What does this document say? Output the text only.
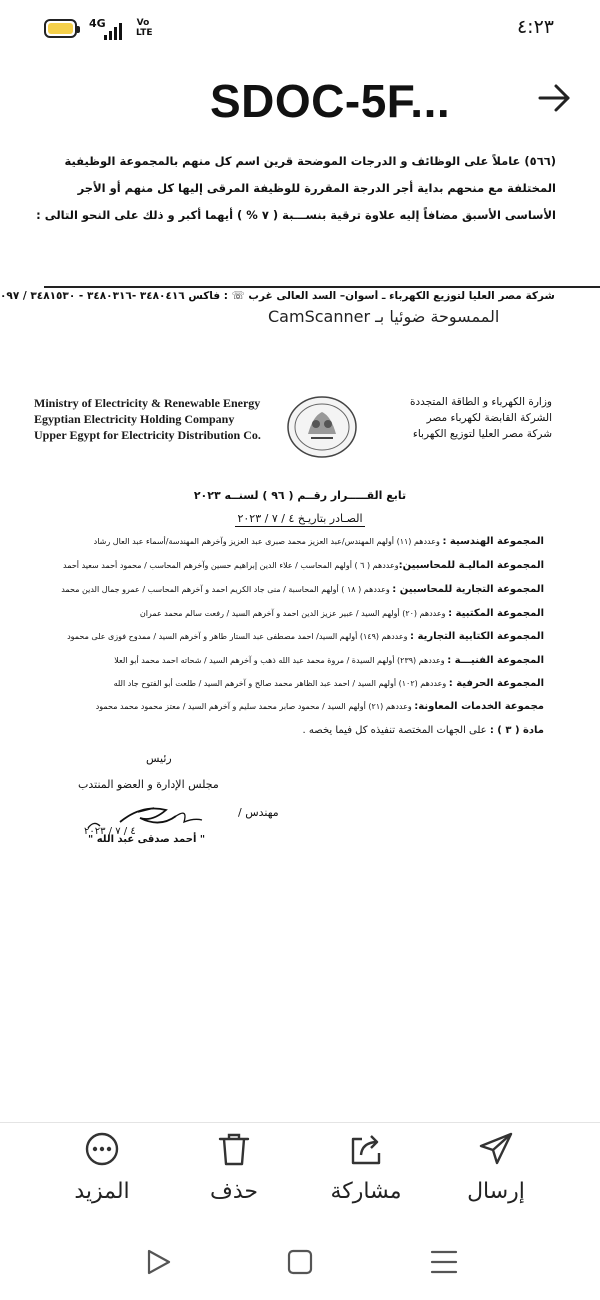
4G	Vo LTE	٤:٢٣
SDOC-5F...
(٥٦٦) عاملاً على الوظائف و الدرجات الموضحة قرين اسم كل منهم بالمجموعة الوظيفية المختلفة مع منحهم بداية أجر الدرجة المقررة للوظيفة المرقى إليها كل منهم أو الأجر الأساسى الأسبق مضافاً إليه علاوة ترقية بنســـبة ( ٧ % ) أيهما أكبر و ذلك على النحو التالى :
شركة مصر العليا لتوزيع الكهرباء ـ أسوان– السد العالى غرب ☏ : فاكس ٣٤٨٠٤١٦ -٣٤٨٠٣١٦ - ٣٤٨١٥٣٠ / ٠٩٧
الممسوحة ضوئيا بـ CamScanner
Ministry of Electricity & Renewable Energy
Egyptian Electricity Holding Company
Upper Egypt for Electricity Distribution Co.
وزارة الكهرباء و الطاقة المتجددة
الشركة القابضة لكهرباء مصر
شركة مصر العليا لتوزيع الكهرباء
تابع القـــــرار رقــم ( ٩٦ ) لسنــه ٢٠٢٣
الصـادر بتاريـخ ٤ / ٧ / ٢٠٢٣
المجموعة الهندسية : وعددهم (١١) أولهم المهندس/عبد العزيز محمد صبرى عبد العزيز وآخرهم المهندسة/أسماء عبد العال رشاد
المجموعة الماليـة للمحاسبين:وعددهم ( ٦ ) أولهم المحاسب / علاء الدين إبراهيم حسين وآخرهم المحاسب / محمود أحمد سعيد أحمد
المجموعة التجارية للمحاسبين : وعددهم ( ١٨ ) أولهم المحاسبة / منى جاد الكريم احمد و آخرهم المحاسب / عمرو جمال الدين محمد
المجموعة المكتبية : وعددهم (٢٠) أولهم السيد / عبير عزيز الدين احمد و آخرهم السيد / رفعت سالم محمد عمران
المجموعة الكتابية التجارية : وعددهم (١٤٩) أولهم السيد/ احمد مصطفى عبد الستار طاهر و آخرهم السيد / ممدوح فوزى على محمود
المجموعة الفنيـــة : وعددهم (٢٣٩) أولهم السيدة / مروة محمد عبد الله ذهب و آخرهم السيد / شحاته احمد محمد أبو العلا
المجموعة الحرفية : وعددهم (١٠٢) أولهم السيد / احمد عبد الظاهر محمد صالح و آخرهم السيد / طلعت أبو الفتوح جاد الله
مجموعة الخدمات المعاونة: وعددهم (٢١) أولهم السيد / محمود صابر محمد سليم و آخرهم السيد / معتز محمود محمد محمود
مادة ( ٣ ) : على الجهات المختصة تنفيذه كل فيما يخصه .
رئيس
مجلس الإدارة و العضو المنتدب
مهندس /
٤ / ٧ / ٢٠٢٣
" أحمد صدقى عبد الله "
إرسال
مشاركة
حذف
المزيد
